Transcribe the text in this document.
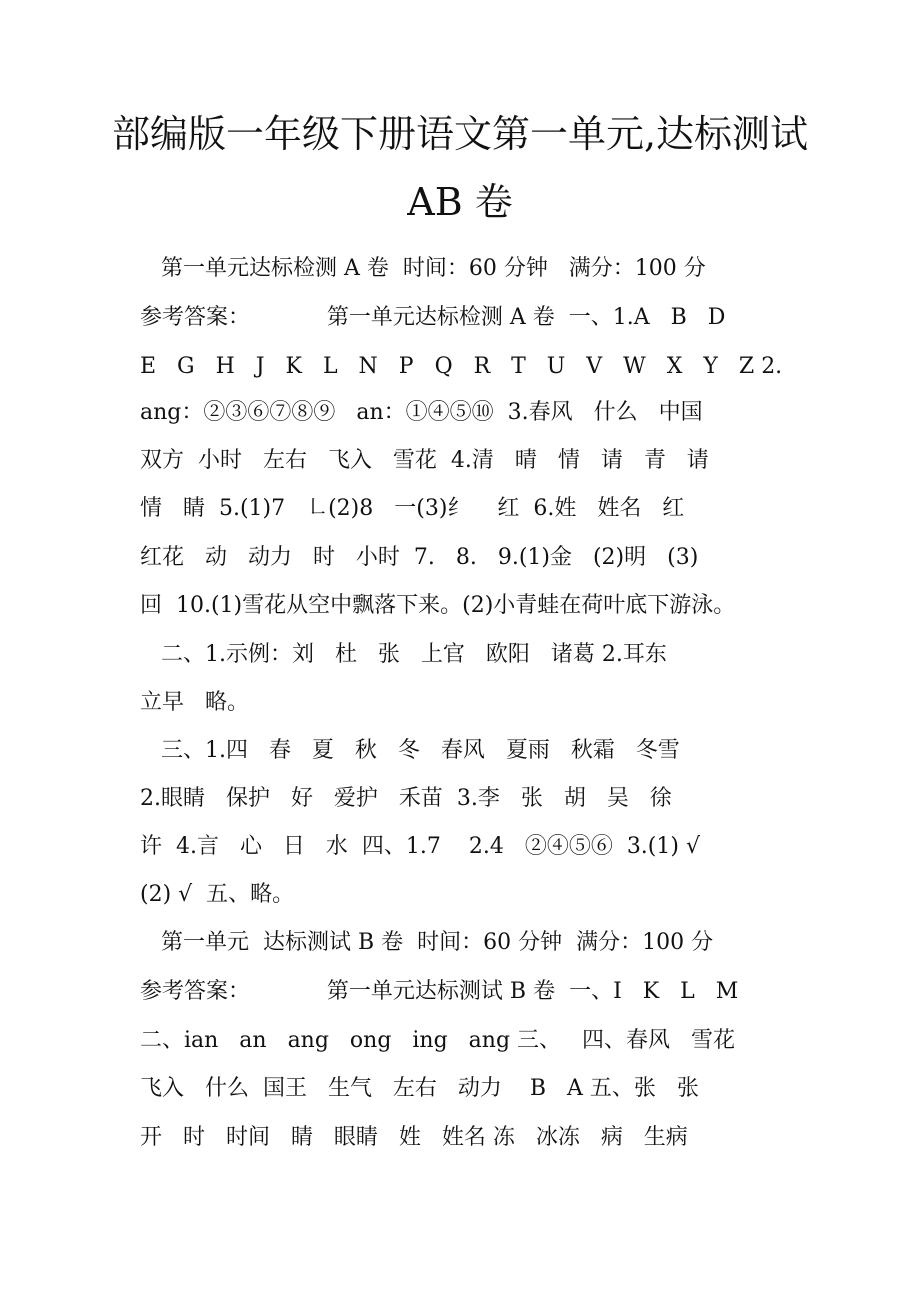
部编版一年级下册语文第一单元,达标测试
AB 卷
第一单元达标检测 A 卷  时间：60 分钟   满分：100 分
参考答案：           第一单元达标检测 A 卷  一、1.A   B   D
E   G   H   J   K   L   N   P   Q   R   T   U   V   W   X   Y   Z 2.
ang：②③⑥⑦⑧⑨   an：①④⑤⑩  3.春风   什么   中国
双方  小时   左右   飞入   雪花  4.清   晴   情   请   青   请
情   睛  5.(1)7   ㇗(2)8   一(3)纟    红  6.姓   姓名   红
红花   动   动力   时   小时  7.   8.   9.(1)金   (2)明   (3)
回  10.(1)雪花从空中飘落下来。(2)小青蛙在荷叶底下游泳。
二、1.示例：刘   杜   张   上官   欧阳   诸葛 2.耳东
立早   略。
三、1.四   春   夏   秋   冬   春风   夏雨   秋霜   冬雪
2.眼睛   保护   好   爱护   禾苗  3.李   张   胡   吴   徐
许  4.言   心   日   水  四、1.7    2.4   ②④⑤⑥  3.(1) √
(2) √  五、略。
第一单元  达标测试 B 卷  时间：60 分钟  满分：100 分
参考答案：           第一单元达标测试 B 卷  一、I   K   L   M
二、ian   an   ang   ong   ing   ang 三、   四、春风   雪花
飞入   什么  国王   生气   左右   动力    B   A 五、张   张
开   时   时间   睛   眼睛   姓   姓名 冻   冰冻   病   生病
